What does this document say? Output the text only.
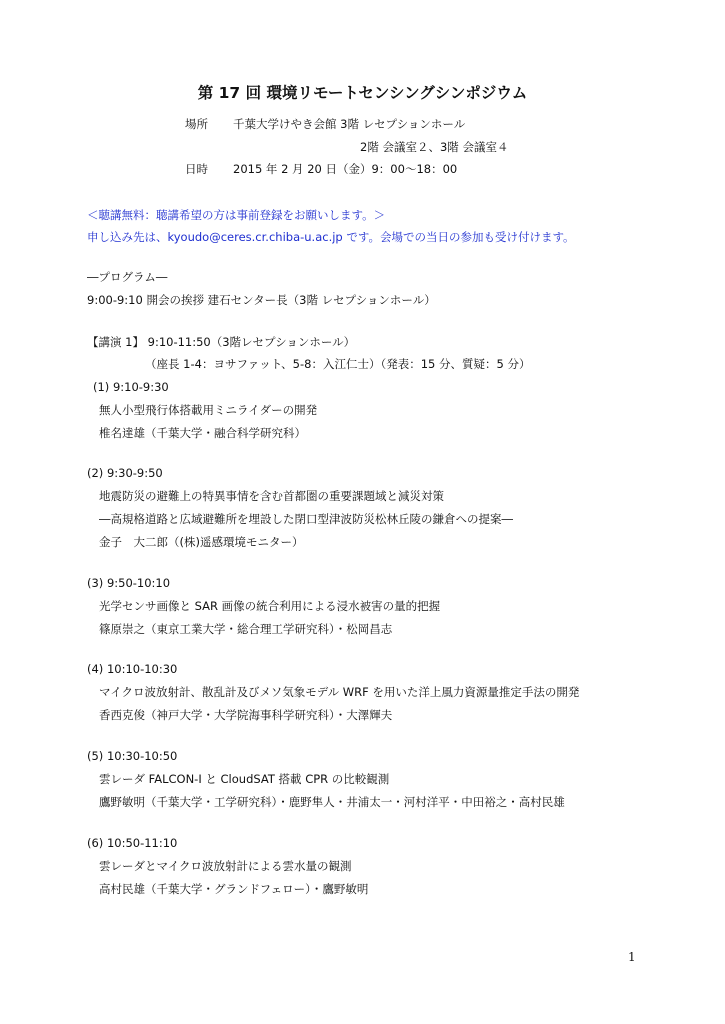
第 17 回 環境リモートセンシングシンポジウム
場所 千葉大学けやき会館 3階 レセプションホール
2階 会議室２、3階 会議室４
日時 2015 年 2 月 20 日（金）9：00～18：00
＜聴講無料：聴講希望の方は事前登録をお願いします。＞
申し込み先は、kyoudo@ceres.cr.chiba-u.ac.jp です。会場での当日の参加も受け付けます。
―プログラム―
9:00-9:10 開会の挨拶 建石センター長（3階 レセプションホール）
【講演 1】 9:10-11:50（3階レセプションホール）
（座長 1-4：ヨサファット、5-8：入江仁士）（発表：15 分、質疑：5 分）
(1) 9:10-9:30
無人小型飛行体搭載用ミニライダーの開発
椎名達雄（千葉大学・融合科学研究科）
(2) 9:30-9:50
地震防災の避難上の特異事情を含む首都圏の重要課題域と減災対策
―高規格道路と広域避難所を埋設した閉口型津波防災松林丘陵の鎌倉への提案―
金子　大二郎（(株)遥感環境モニター）
(3) 9:50-10:10
光学センサ画像と SAR 画像の統合利用による浸水被害の量的把握
篠原崇之（東京工業大学・総合理工学研究科）・松岡昌志
(4) 10:10-10:30
マイクロ波放射計、散乱計及びメソ気象モデル WRF を用いた洋上風力資源量推定手法の開発
香西克俊（神戸大学・大学院海事科学研究科）・大澤輝夫
(5) 10:30-10:50
雲レーダ FALCON-I と CloudSAT 搭載 CPR の比較観測
鷹野敏明（千葉大学・工学研究科）・鹿野隼人・井浦太一・河村洋平・中田裕之・高村民雄
(6) 10:50-11:10
雲レーダとマイクロ波放射計による雲水量の観測
高村民雄（千葉大学・グランドフェロー）・鷹野敏明
1
